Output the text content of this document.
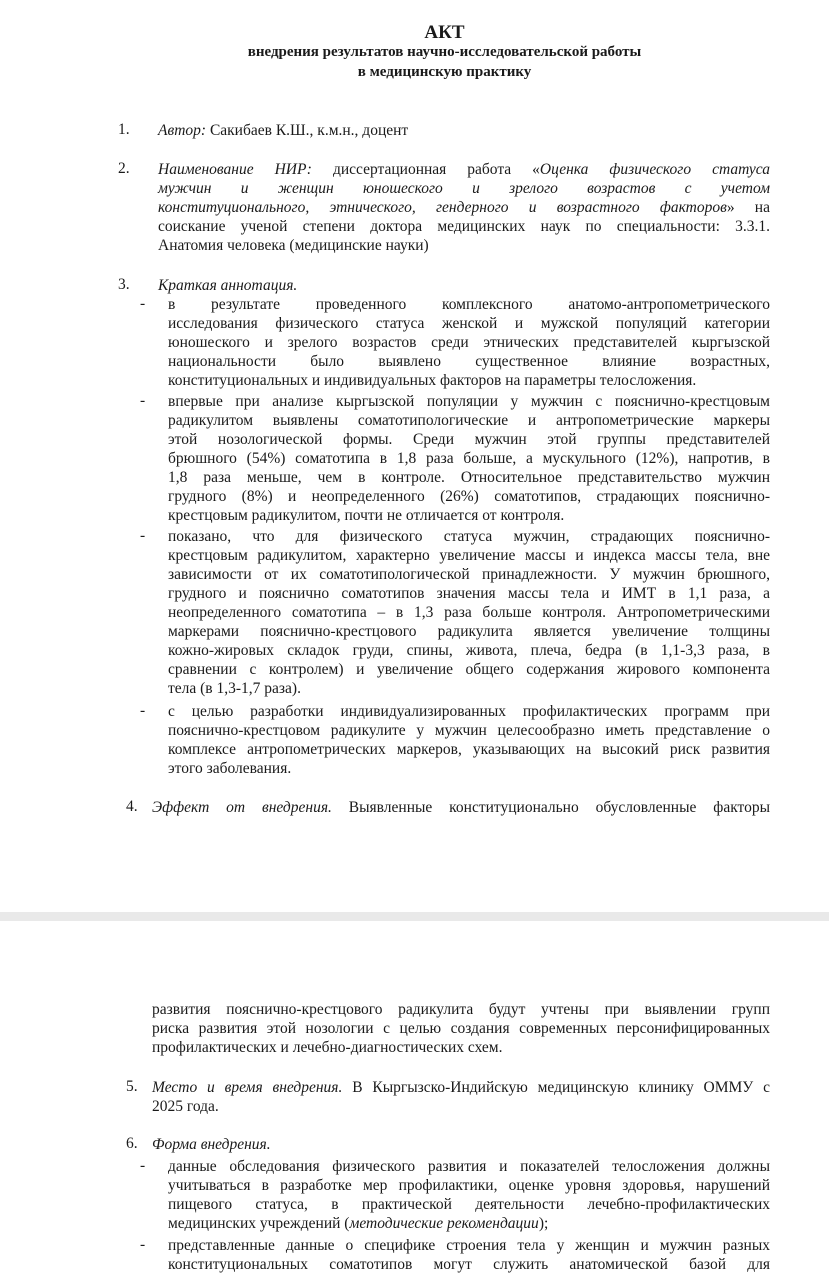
АКТ
внедрения результатов научно-исследовательской работы
в медицинскую практику
1. Автор: Сакибаев К.Ш., к.м.н., доцент
2. Наименование НИР: диссертационная работа «Оценка физического статуса
мужчин и женщин юношеского и зрелого возрастов с учетом
конституционального, этнического, гендерного и возрастного факторов» на
соискание ученой степени доктора медицинских наук по специальности: 3.3.1.
Анатомия человека (медицинские науки)
3. Краткая аннотация.
- в результате проведенного комплексного анатомо-антропометрического
исследования физического статуса женской и мужской популяций категории
юношеского и зрелого возрастов среди этнических представителей кыргызской
национальности было выявлено существенное влияние возрастных,
конституциональных и индивидуальных факторов на параметры телосложения.
- впервые при анализе кыргызской популяции у мужчин с пояснично-крестцовым
радикулитом выявлены соматотипологические и антропометрические маркеры
этой нозологической формы. Среди мужчин этой группы представителей
брюшного (54%) соматотипа в 1,8 раза больше, а мускульного (12%), напротив, в
1,8 раза меньше, чем в контроле. Относительное представительство мужчин
грудного (8%) и неопределенного (26%) соматотипов, страдающих пояснично-
крестцовым радикулитом, почти не отличается от контроля.
- показано, что для физического статуса мужчин, страдающих пояснично-
крестцовым радикулитом, характерно увеличение массы и индекса массы тела, вне
зависимости от их соматотипологической принадлежности. У мужчин брюшного,
грудного и пояснично соматотипов значения массы тела и ИМТ в 1,1 раза, а
неопределенного соматотипа – в 1,3 раза больше контроля. Антропометрическими
маркерами пояснично-крестцового радикулита является увеличение толщины
кожно-жировых складок груди, спины, живота, плеча, бедра (в 1,1-3,3 раза, в
сравнении с контролем) и увеличение общего содержания жирового компонента
тела (в 1,3-1,7 раза).
- с целью разработки индивидуализированных профилактических программ при
пояснично-крестцовом радикулите у мужчин целесообразно иметь представление о
комплексе антропометрических маркеров, указывающих на высокий риск развития
этого заболевания.
4. Эффект от внедрения. Выявленные конституционально обусловленные факторы
развития пояснично-крестцового радикулита будут учтены при выявлении групп
риска развития этой нозологии с целью создания современных персонифицированных
профилактических и лечебно-диагностических схем.
5. Место и время внедрения. В Кыргызско-Индийскую медицинскую клинику ОММУ с
2025 года.
6. Форма внедрения.
- данные обследования физического развития и показателей телосложения должны
учитываться в разработке мер профилактики, оценке уровня здоровья, нарушений
пищевого статуса, в практической деятельности лечебно-профилактических
медицинских учреждений (методические рекомендации);
- представленные данные о специфике строения тела у женщин и мужчин разных
конституциональных соматотипов могут служить анатомической базой для
